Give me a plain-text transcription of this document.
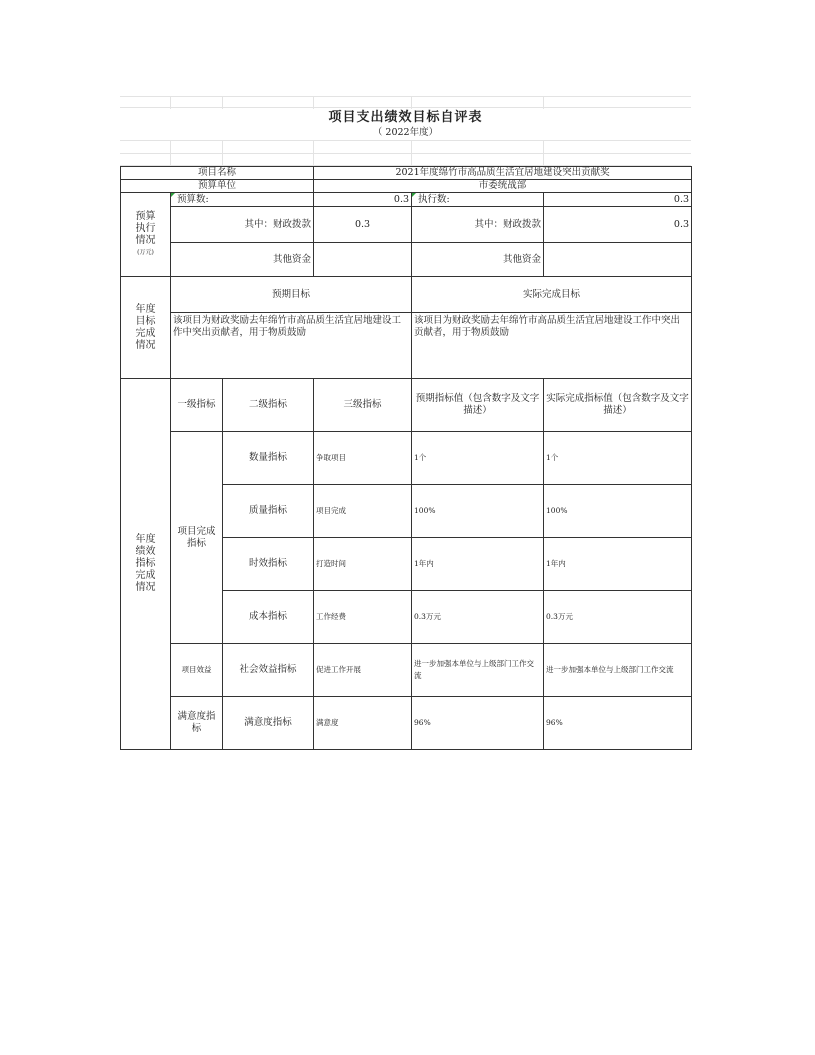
项目支出绩效目标自评表
（ 2022年度）
项目名称			2021年度绵竹市高品质生活宜居地建设突出贡献奖		
预算单位			市委统战部		

预算执行情况
(万元)	预算数:		0.3	执行数:	0.3
	其中：财政拨款		0.3	其中：财政拨款	0.3
	其他资金			其他资金	

年度目标完成情况	预期目标			实际完成目标	
	该项目为财政奖励去年绵竹市高品质生活宜居地建设工作中突出贡献者，用于物质鼓励			该项目为财政奖励去年绵竹市高品质生活宜居地建设工作中突出贡献者，用于物质鼓励	

年度绩效指标完成情况	一级指标	二级指标	三级指标	预期指标值（包含数字及文字描述）	实际完成指标值（包含数字及文字描述）
	项目完成指标	数量指标	争取项目	1个	1个
		质量指标	项目完成	100%	100%
		时效指标	打造时间	1年内	1年内
		成本指标	工作经费	0.3万元	0.3万元
	项目效益	社会效益指标	促进工作开展	进一步加强本单位与上级部门工作交流	进一步加强本单位与上级部门工作交流
	满意度指标	满意度指标	满意度	96%	96%
